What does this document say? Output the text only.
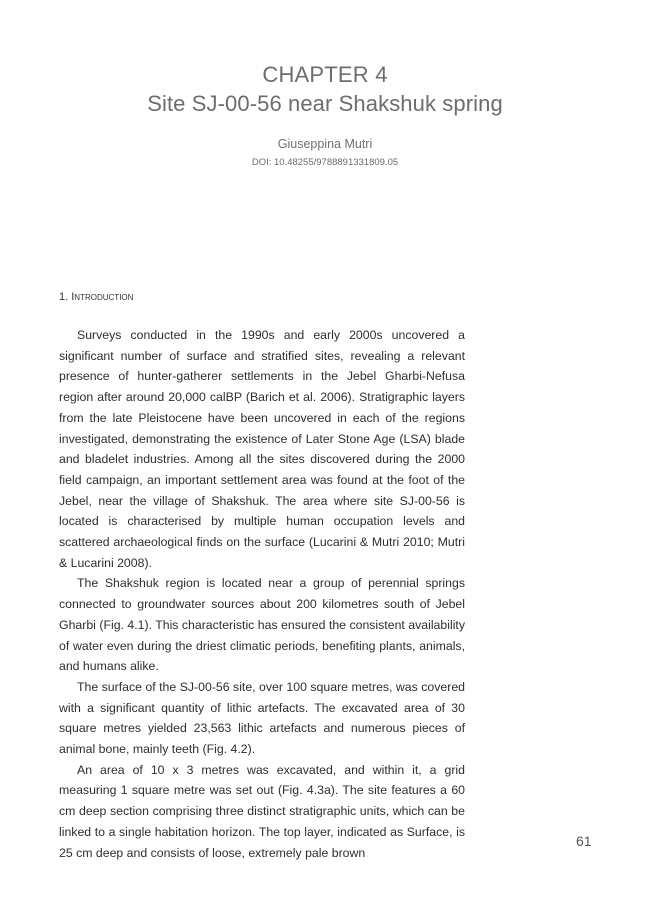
CHAPTER 4
Site SJ-00-56 near Shakshuk spring
Giuseppina Mutri
DOI: 10.48255/9788891331809.05
1. Introduction

Surveys conducted in the 1990s and early 2000s uncovered a significant number of surface and stratified sites, revealing a relevant presence of hunter-gatherer settlements in the Jebel Gharbi-Nefusa region after around 20,000 calBP (Barich et al. 2006). Stratigraphic layers from the late Pleistocene have been uncovered in each of the regions investigated, demonstrating the existence of Later Stone Age (LSA) blade and bladelet industries. Among all the sites discovered during the 2000 field campaign, an important settlement area was found at the foot of the Jebel, near the village of Shakshuk. The area where site SJ-00-56 is located is characterised by multiple human occupation levels and scattered archaeological finds on the surface (Lucarini & Mutri 2010; Mutri & Lucarini 2008).

The Shakshuk region is located near a group of perennial springs connected to groundwater sources about 200 kilometres south of Jebel Gharbi (Fig. 4.1). This characteristic has ensured the consistent availability of water even during the driest climatic periods, benefiting plants, animals, and humans alike.

The surface of the SJ-00-56 site, over 100 square metres, was covered with a significant quantity of lithic artefacts. The excavated area of 30 square metres yielded 23,563 lithic artefacts and numerous pieces of animal bone, mainly teeth (Fig. 4.2).

An area of 10 x 3 metres was excavated, and within it, a grid measuring 1 square metre was set out (Fig. 4.3a). The site features a 60 cm deep section comprising three distinct stratigraphic units, which can be linked to a single habitation horizon. The top layer, indicated as Surface, is 25 cm deep and consists of loose, extremely pale brown

61
